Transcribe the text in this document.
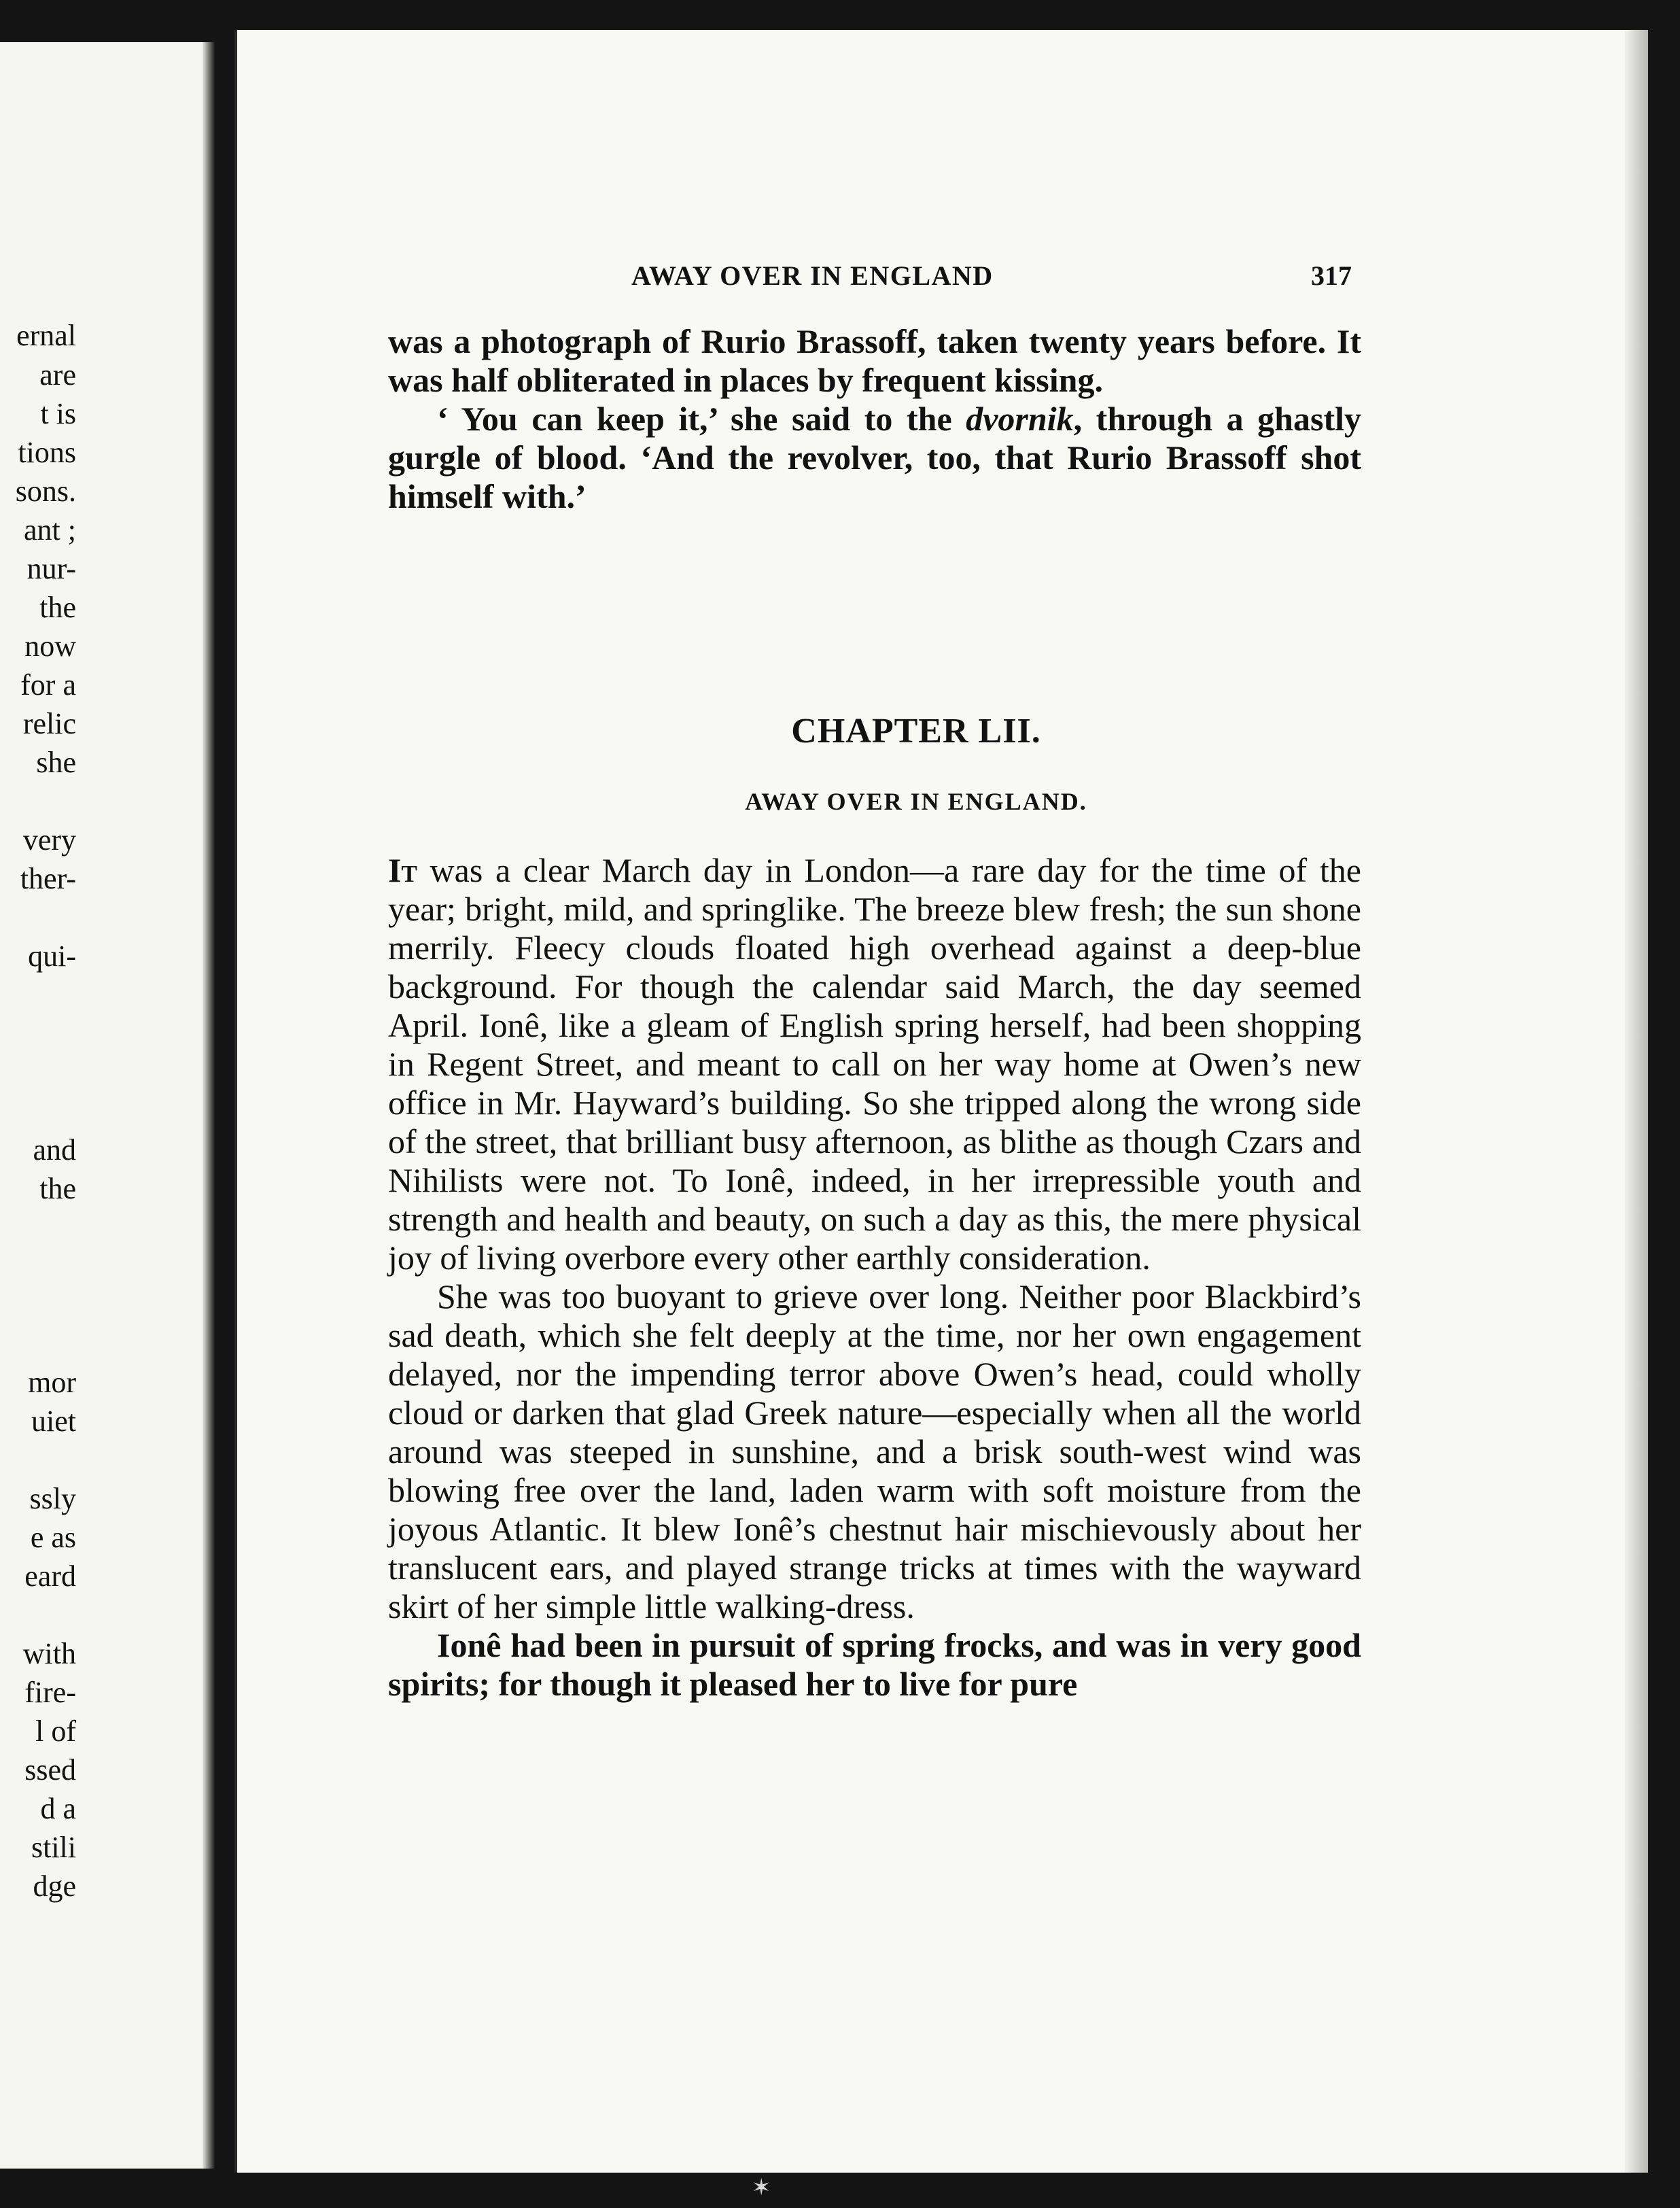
ernal
are
t is
tions
sons.
ant ;
nur-
the
now
for a
relic
she
very
ther-
qui-
and
the
mor
uiet
ssly
e as
eard
with
fire-
l of
ssed
d a
stili
dge
AWAY OVER IN ENGLAND	317

was a photograph of Rurio Brassoff, taken twenty years before. It was half obliterated in places by frequent kissing.

‘ You can keep it,’ she said to the dvornik, through a ghastly gurgle of blood. ‘And the revolver, too, that Rurio Brassoff shot himself with.’

CHAPTER LII.
AWAY OVER IN ENGLAND.

It was a clear March day in London—a rare day for the time of the year; bright, mild, and springlike. The breeze blew fresh; the sun shone merrily. Fleecy clouds floated high overhead against a deep-blue background. For though the calendar said March, the day seemed April. Ionê, like a gleam of English spring herself, had been shopping in Regent Street, and meant to call on her way home at Owen’s new office in Mr. Hayward’s building. So she tripped along the wrong side of the street, that brilliant busy afternoon, as blithe as though Czars and Nihilists were not. To Ionê, indeed, in her irrepressible youth and strength and health and beauty, on such a day as this, the mere physical joy of living overbore every other earthly consideration.

She was too buoyant to grieve over long. Neither poor Blackbird’s sad death, which she felt deeply at the time, nor her own engagement delayed, nor the impending terror above Owen’s head, could wholly cloud or darken that glad Greek nature—especially when all the world around was steeped in sunshine, and a brisk south-west wind was blowing free over the land, laden warm with soft moisture from the joyous Atlantic. It blew Ionê’s chestnut hair mischievously about her translucent ears, and played strange tricks at times with the wayward skirt of her simple little walking-dress.

Ionê had been in pursuit of spring frocks, and was in very good spirits; for though it pleased her to live for pure

✶
